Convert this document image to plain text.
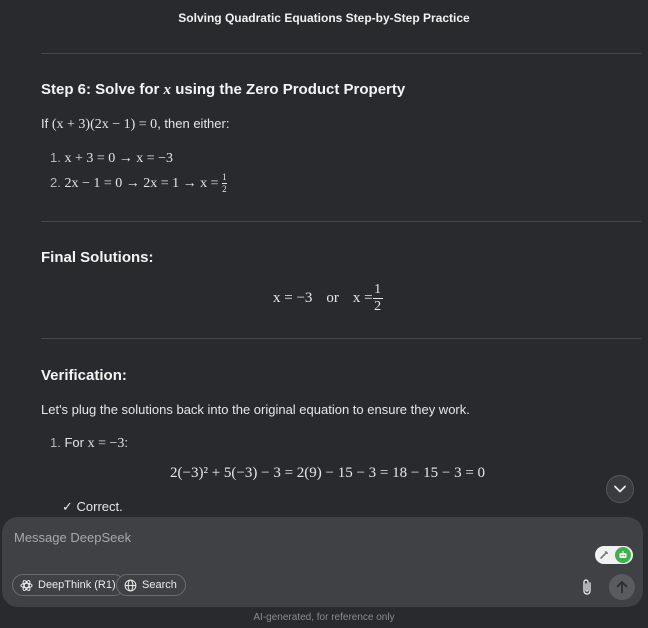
Solving Quadratic Equations Step-by-Step Practice
Step 6: Solve for x using the Zero Product Property
If (x + 3)(2x − 1) = 0, then either:
1. x + 3 = 0 → x = −3
2. $2x - 1 = 0 \to 2x = 1 \to x = \frac{1}{2}$
Final Solutions:
x = −3 or $x = \frac{1}{2}$
Verification:
Let's plug the solutions back into the original equation to ensure they work.
1. For x = −3:
2(−3)² + 5(−3) − 3 = 2(9) − 15 − 3 = 18 − 15 − 3 = 0
✓ Correct.
Message DeepSeek
DeepThink (R1) Search
AI-generated, for reference only
